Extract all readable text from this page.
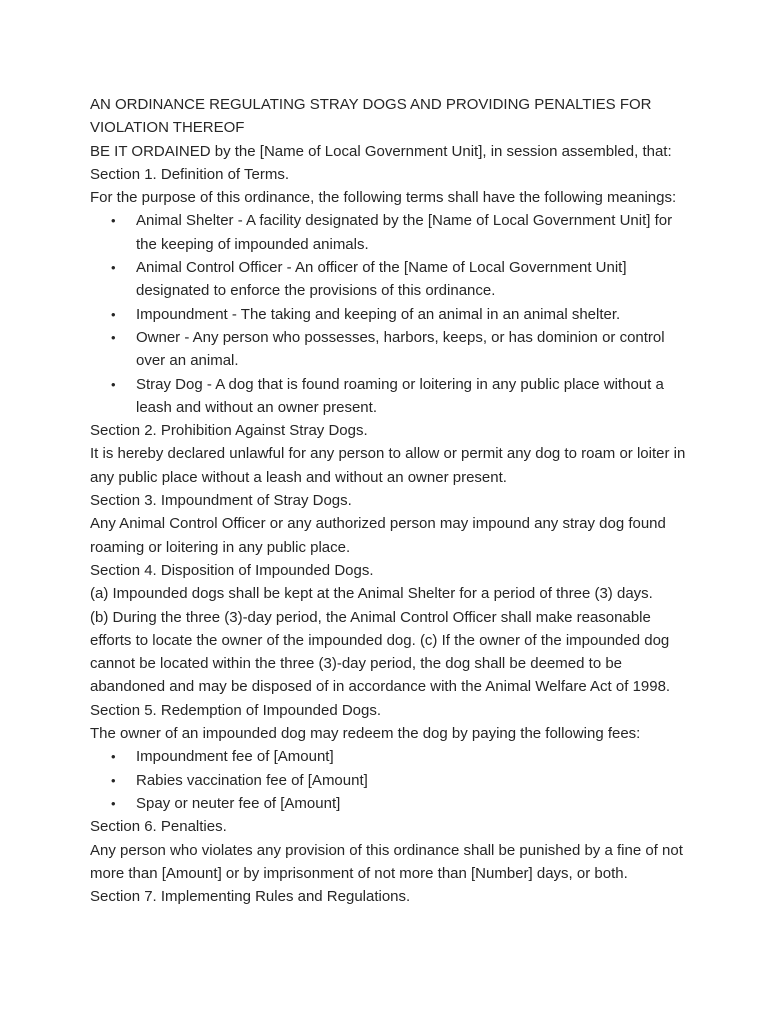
AN ORDINANCE REGULATING STRAY DOGS AND PROVIDING PENALTIES FOR VIOLATION THEREOF
BE IT ORDAINED by the [Name of Local Government Unit], in session assembled, that:
Section 1. Definition of Terms.
For the purpose of this ordinance, the following terms shall have the following meanings:
• Animal Shelter - A facility designated by the [Name of Local Government Unit] for the keeping of impounded animals.
• Animal Control Officer - An officer of the [Name of Local Government Unit] designated to enforce the provisions of this ordinance.
• Impoundment - The taking and keeping of an animal in an animal shelter.
• Owner - Any person who possesses, harbors, keeps, or has dominion or control over an animal.
• Stray Dog - A dog that is found roaming or loitering in any public place without a leash and without an owner present.
Section 2. Prohibition Against Stray Dogs.
It is hereby declared unlawful for any person to allow or permit any dog to roam or loiter in any public place without a leash and without an owner present.
Section 3. Impoundment of Stray Dogs.
Any Animal Control Officer or any authorized person may impound any stray dog found roaming or loitering in any public place.
Section 4. Disposition of Impounded Dogs.
(a) Impounded dogs shall be kept at the Animal Shelter for a period of three (3) days.
(b) During the three (3)-day period, the Animal Control Officer shall make reasonable efforts to locate the owner of the impounded dog. (c) If the owner of the impounded dog cannot be located within the three (3)-day period, the dog shall be deemed to be abandoned and may be disposed of in accordance with the Animal Welfare Act of 1998.
Section 5. Redemption of Impounded Dogs.
The owner of an impounded dog may redeem the dog by paying the following fees:
• Impoundment fee of [Amount]
• Rabies vaccination fee of [Amount]
• Spay or neuter fee of [Amount]
Section 6. Penalties.
Any person who violates any provision of this ordinance shall be punished by a fine of not more than [Amount] or by imprisonment of not more than [Number] days, or both.
Section 7. Implementing Rules and Regulations.
